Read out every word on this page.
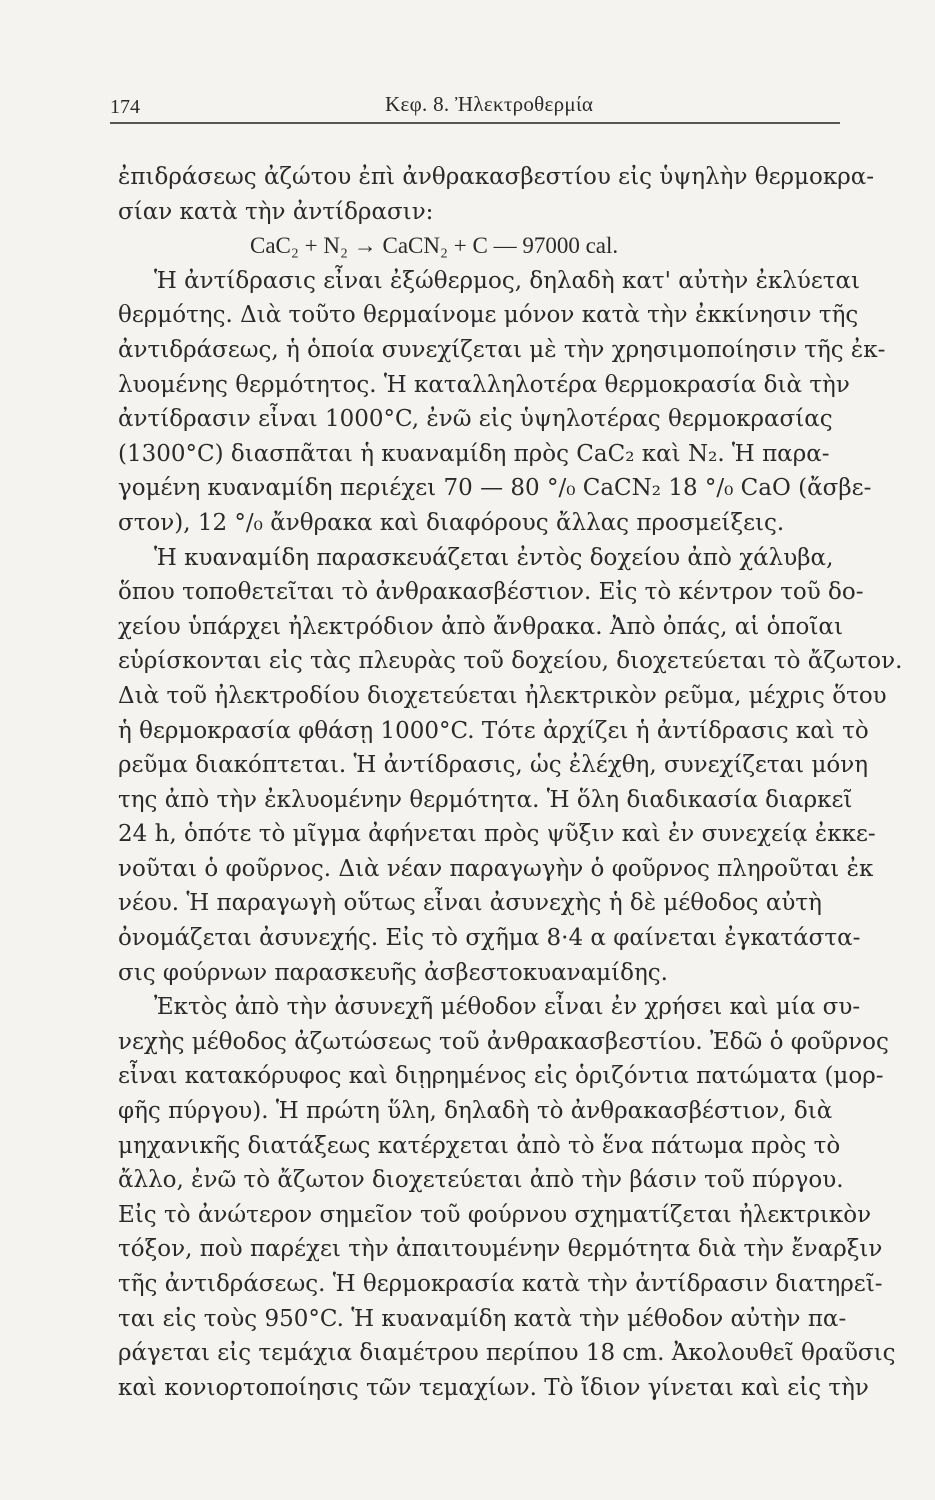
174	Κεφ. 8. Ἠλεκτροθερμία
ἐπιδράσεως ἀζώτου ἐπὶ ἀνθρακασβεστίου εἰς ὑψηλὴν θερμοκρα-
σίαν κατὰ τὴν ἀντίδρασιν:
CaC₂ + N₂ → CaCN₂ + C — 97000 cal.
Ἡ ἀντίδρασις εἶναι ἐξώθερμος, δηλαδὴ κατ' αὐτὴν ἐκλύεται
θερμότης. Διὰ τοῦτο θερμαίνομε μόνον κατὰ τὴν ἐκκίνησιν τῆς
ἀντιδράσεως, ἡ ὁποία συνεχίζεται μὲ τὴν χρησιμοποίησιν τῆς ἐκ-
λυομένης θερμότητος. Ἡ καταλληλοτέρα θερμοκρασία διὰ τὴν
ἀντίδρασιν εἶναι 1000°C, ἐνῶ εἰς ὑψηλοτέρας θερμοκρασίας
(1300°C) διασπᾶται ἡ κυαναμίδη πρὸς CaC₂ καὶ N₂. Ἡ παρα-
γομένη κυαναμίδη περιέχει 70 — 80 °/₀ CaCN₂ 18 °/₀ CaO (ἄσβε-
στον), 12 °/₀ ἄνθρακα καὶ διαφόρους ἄλλας προσμείξεις.
Ἡ κυαναμίδη παρασκευάζεται ἐντὸς δοχείου ἀπὸ χάλυβα,
ὅπου τοποθετεῖται τὸ ἀνθρακασβέστιον. Εἰς τὸ κέντρον τοῦ δο-
χείου ὑπάρχει ἠλεκτρόδιον ἀπὸ ἄνθρακα. Ἀπὸ ὀπάς, αἱ ὁποῖαι
εὑρίσκονται εἰς τὰς πλευρὰς τοῦ δοχείου, διοχετεύεται τὸ ἄζωτον.
Διὰ τοῦ ἠλεκτροδίου διοχετεύεται ἠλεκτρικὸν ρεῦμα, μέχρις ὅτου
ἡ θερμοκρασία φθάσῃ 1000°C. Τότε ἀρχίζει ἡ ἀντίδρασις καὶ τὸ
ρεῦμα διακόπτεται. Ἡ ἀντίδρασις, ὡς ἐλέχθη, συνεχίζεται μόνη
της ἀπὸ τὴν ἐκλυομένην θερμότητα. Ἡ ὅλη διαδικασία διαρκεῖ
24 h, ὁπότε τὸ μῖγμα ἀφήνεται πρὸς ψῦξιν καὶ ἐν συνεχείᾳ ἐκκε-
νοῦται ὁ φοῦρνος. Διὰ νέαν παραγωγὴν ὁ φοῦρνος πληροῦται ἐκ
νέου. Ἡ παραγωγὴ οὕτως εἶναι ἀσυνεχὴς ἡ δὲ μέθοδος αὐτὴ
ὀνομάζεται ἀσυνεχής. Εἰς τὸ σχῆμα 8·4 α φαίνεται ἐγκατάστα-
σις φούρνων παρασκευῆς ἀσβεστοκυαναμίδης.
Ἐκτὸς ἀπὸ τὴν ἀσυνεχῆ μέθοδον εἶναι ἐν χρήσει καὶ μία συ-
νεχὴς μέθοδος ἀζωτώσεως τοῦ ἀνθρακασβεστίου. Ἐδῶ ὁ φοῦρνος
εἶναι κατακόρυφος καὶ διῃρημένος εἰς ὁριζόντια πατώματα (μορ-
φῆς πύργου). Ἡ πρώτη ὕλη, δηλαδὴ τὸ ἀνθρακασβέστιον, διὰ
μηχανικῆς διατάξεως κατέρχεται ἀπὸ τὸ ἕνα πάτωμα πρὸς τὸ
ἄλλο, ἐνῶ τὸ ἄζωτον διοχετεύεται ἀπὸ τὴν βάσιν τοῦ πύργου.
Εἰς τὸ ἀνώτερον σημεῖον τοῦ φούρνου σχηματίζεται ἠλεκτρικὸν
τόξον, ποὺ παρέχει τὴν ἀπαιτουμένην θερμότητα διὰ τὴν ἔναρξιν
τῆς ἀντιδράσεως. Ἡ θερμοκρασία κατὰ τὴν ἀντίδρασιν διατηρεῖ-
ται εἰς τοὺς 950°C. Ἡ κυαναμίδη κατὰ τὴν μέθοδον αὐτὴν πα-
ράγεται εἰς τεμάχια διαμέτρου περίπου 18 cm. Ἀκολουθεῖ θραῦσις
καὶ κονιορτοποίησις τῶν τεμαχίων. Τὸ ἴδιον γίνεται καὶ εἰς τὴν
